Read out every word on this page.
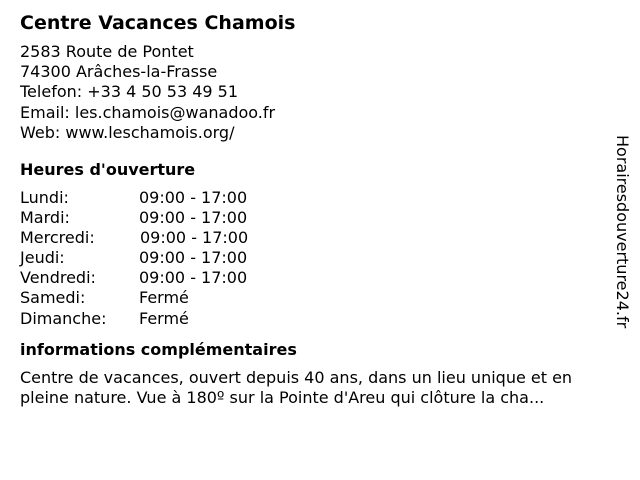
Centre Vacances Chamois
2583 Route de Pontet
74300 Arâches-la-Frasse
Telefon: +33 4 50 53 49 51
Email: les.chamois@wanadoo.fr
Web: www.leschamois.org/
Heures d'ouverture
Lundi:	09:00 - 17:00
Mardi:	09:00 - 17:00
Mercredi:	09:00 - 17:00
Jeudi:	09:00 - 17:00
Vendredi:	09:00 - 17:00
Samedi:	Fermé
Dimanche: Fermé
informations complémentaires
Centre de vacances, ouvert depuis 40 ans, dans un lieu unique et en pleine nature. Vue à 180º sur la Pointe d'Areu qui clôture la cha...
Horairesdouverture24.fr
